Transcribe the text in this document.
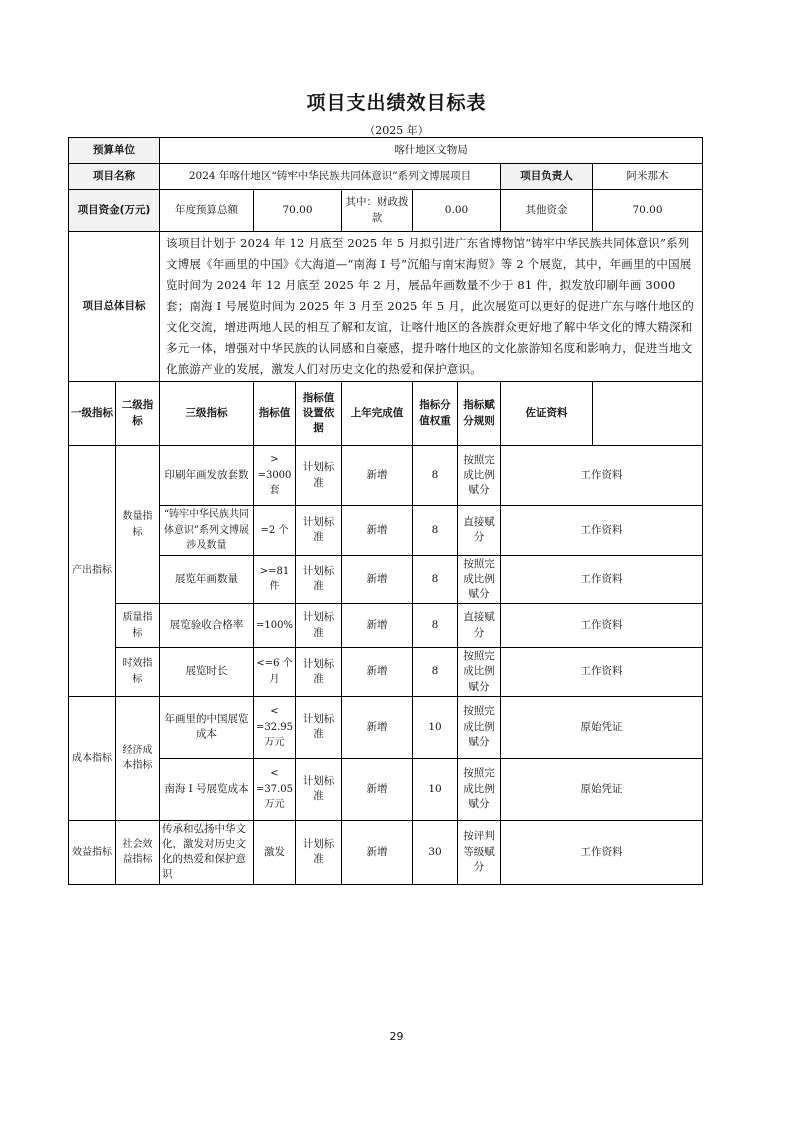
项目支出绩效目标表
（2025 年）
预算单位		喀什地区文物局							
项目名称		2024 年喀什地区“铸牢中华民族共同体意识”系列文博展项目						项目负责人	阿米那木
项目资金(万元)		年度预算总额	70.00		其中：财政拨款	0.00		其他资金	70.00
项目总体目标		该项目计划于 2024 年 12 月底至 2025 年 5 月拟引进广东省博物馆“铸牢中华民族共同体意识”系列文博展《年画里的中国》《大海道—“南海 I 号”沉船与南宋海贸》等 2 个展览，其中，年画里的中国展览时间为 2024 年 12 月底至 2025 年 2 月，展品年画数量不少于 81 件，拟发放印刷年画 3000 套；南海 I 号展览时间为 2025 年 3 月至 2025 年 5 月，此次展览可以更好的促进广东与喀什地区的文化交流，增进两地人民的相互了解和友谊，让喀什地区的各族群众更好地了解中华文化的博大精深和多元一体，增强对中华民族的认同感和自豪感，提升喀什地区的文化旅游知名度和影响力，促进当地文化旅游产业的发展，激发人们对历史文化的热爱和保护意识。							
一级指标	二级指标	三级指标	指标值	指标值设置依据	上年完成值	指标分值权重	指标赋分规则	佐证资料	
产出指标	数量指标	印刷年画发放套数	> =3000套	计划标准	新增	8	按照完成比例赋分	工作资料	
		“铸牢中华民族共同体意识”系列文博展涉及数量	=2 个	计划标准	新增	8	直接赋分	工作资料	
		展览年画数量	>=81 件	计划标准	新增	8	按照完成比例赋分	工作资料	
	质量指标	展览验收合格率	=100%	计划标准	新增	8	直接赋分	工作资料	
	时效指标	展览时长	<=6 个月	计划标准	新增	8	按照完成比例赋分	工作资料	
成本指标	经济成本指标	年画里的中国展览成本	< =32.95 万元	计划标准	新增	10	按照完成比例赋分	原始凭证	
		南海 I 号展览成本	< =37.05 万元	计划标准	新增	10	按照完成比例赋分	原始凭证	
效益指标	社会效益指标	传承和弘扬中华文化，激发对历史文化的热爱和保护意识	激发	计划标准	新增	30	按评判等级赋分	工作资料	
29
